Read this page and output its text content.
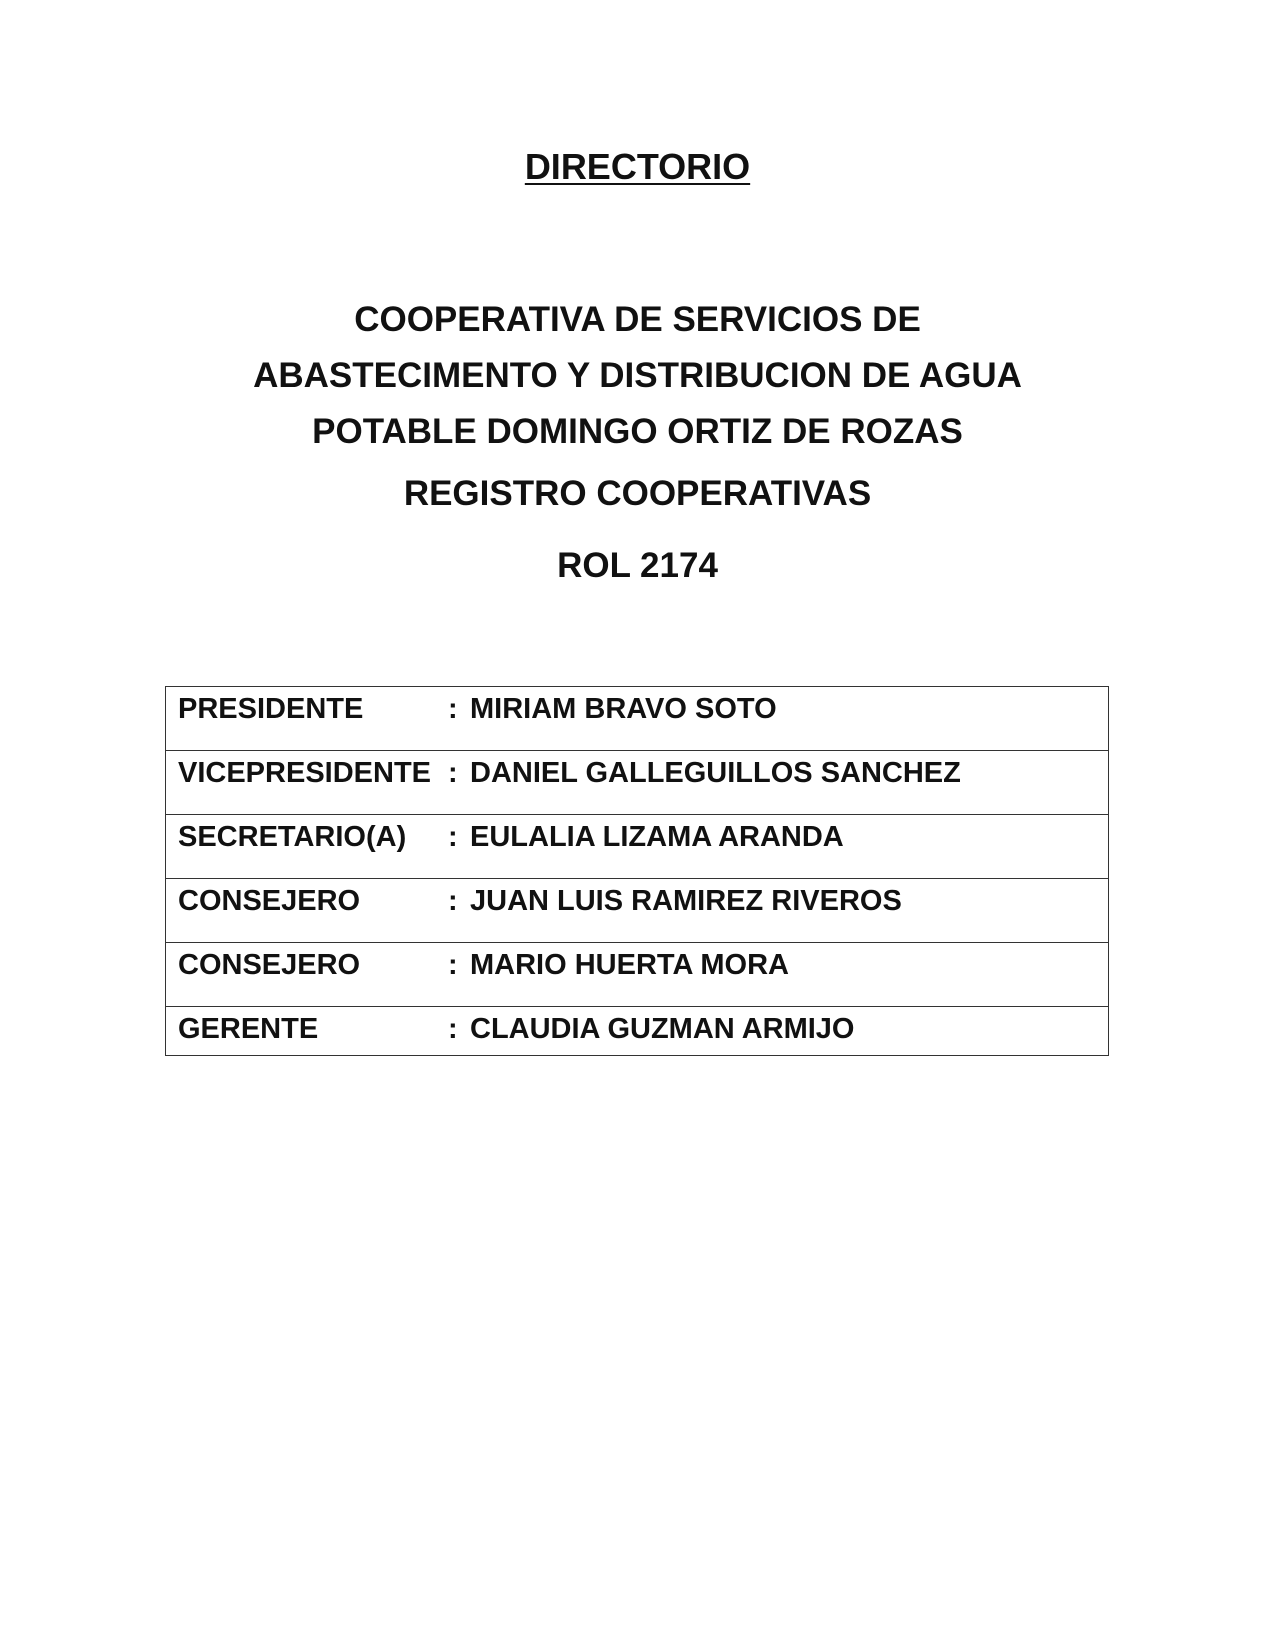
DIRECTORIO
COOPERATIVA DE SERVICIOS DE
ABASTECIMENTO Y DISTRIBUCION DE AGUA
POTABLE DOMINGO ORTIZ DE ROZAS
REGISTRO COOPERATIVAS
ROL 2174
PRESIDENTE	: MIRIAM BRAVO SOTO
VICEPRESIDENTE : DANIEL GALLEGUILLOS SANCHEZ
SECRETARIO(A) : EULALIA LIZAMA ARANDA
CONSEJERO	: JUAN LUIS RAMIREZ RIVEROS
CONSEJERO	: MARIO HUERTA MORA
GERENTE	: CLAUDIA GUZMAN ARMIJO
